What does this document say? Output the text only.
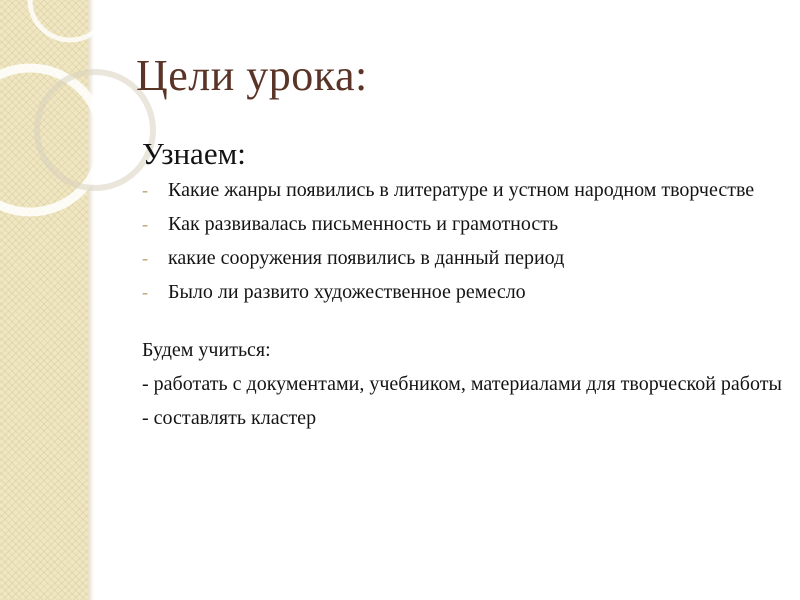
Цели урока:
Узнаем:
- Какие жанры появились в литературе и устном народном творчестве
- Как развивалась письменность и грамотность
- какие сооружения появились в данный период
- Было ли развито художественное ремесло
Будем учиться:
- работать с документами, учебником, материалами для творческой работы
- составлять кластер
